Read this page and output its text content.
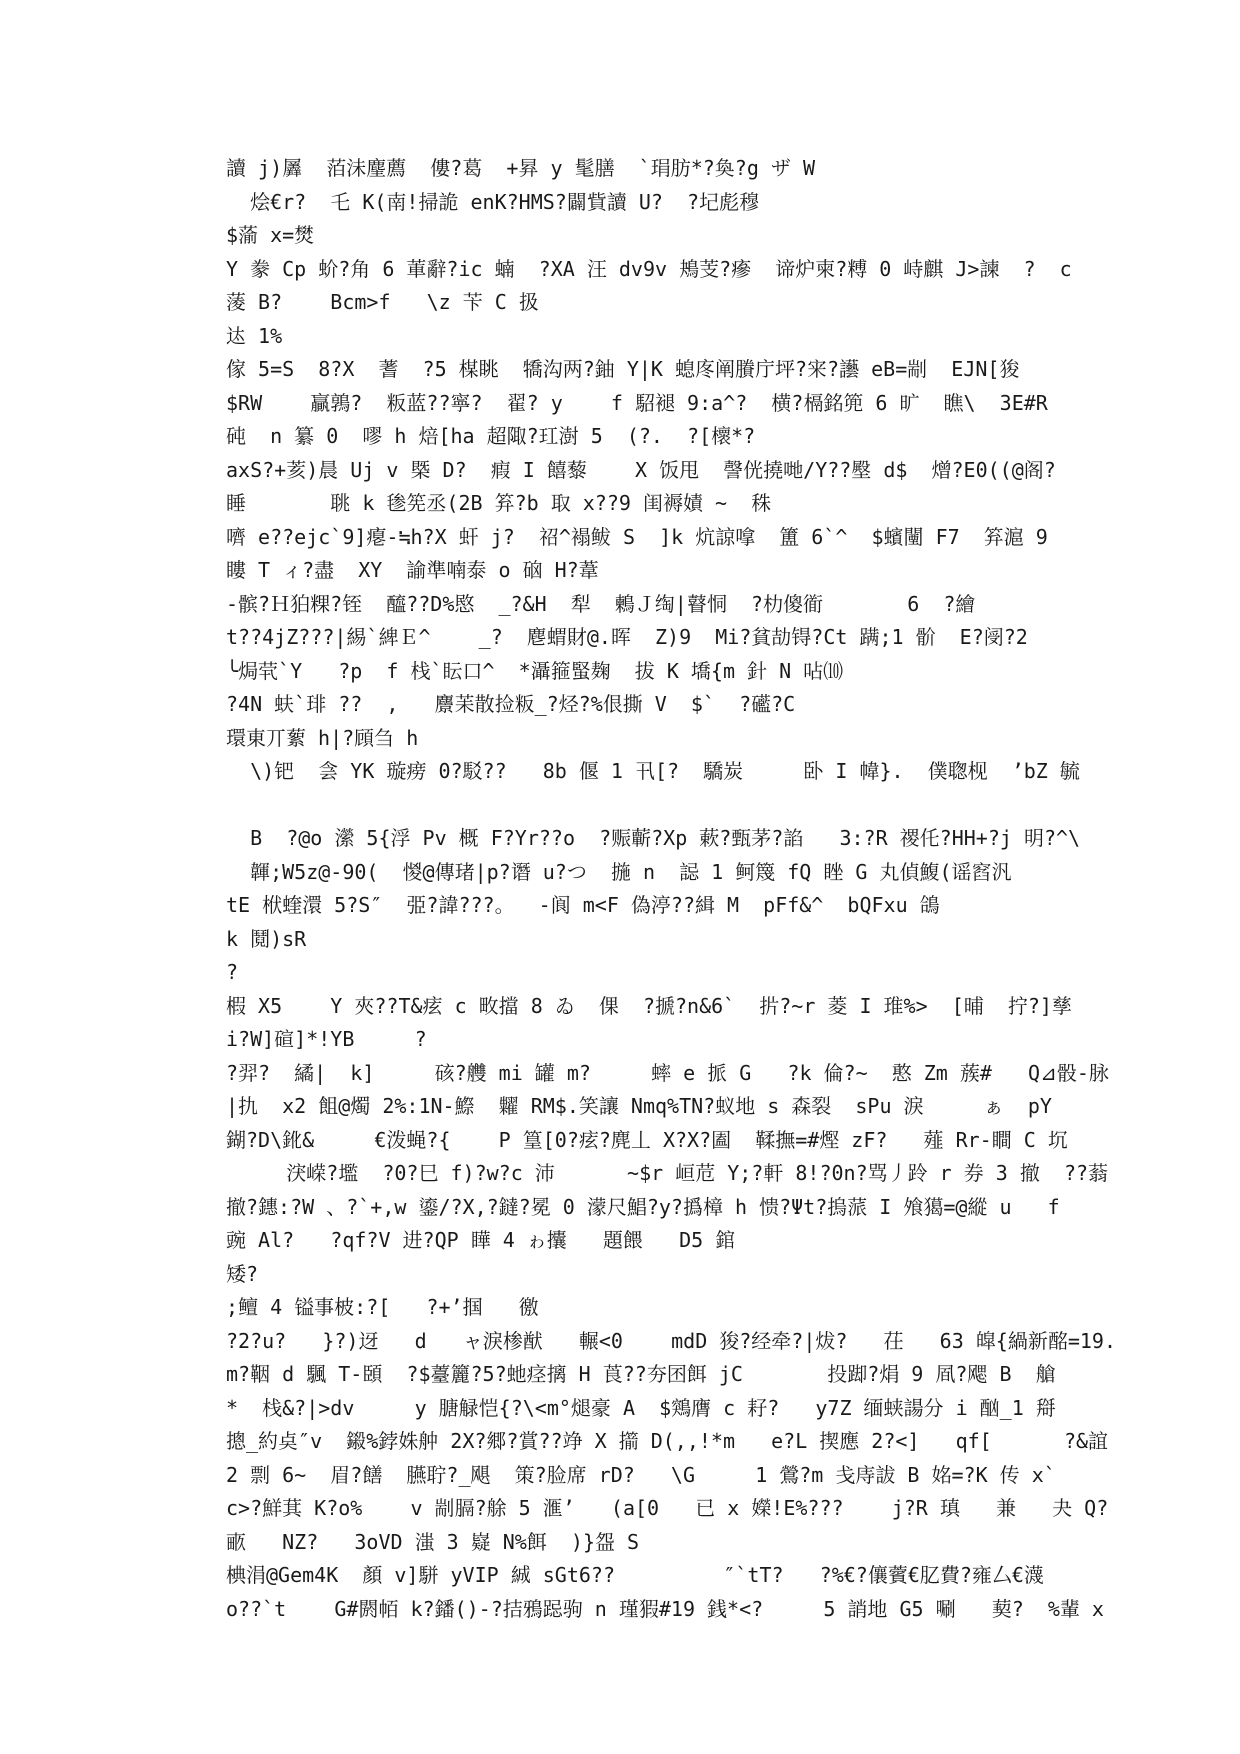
讀 j)羼  萡沬麈薦  僂?葛  +昪 y 髦膳  `琄肪*?奐?g ザ W
烩€r?  乇 K(南!掃詭 enK?HMS?闢貲讀 U?  ?圮彪穆
$蕍 x=燓
Y 豢 Cp 蚧?角 6 莗辭?ic 蝻  ?XA 汪 dv9v 鴂芰?瘮  谛炉柬?糐 0 峙麒 J>諫  ?  c
蔆 B?    Bcm>f   \z 苄 C 扱
迏 1%
傢 5=S  8?X  蓍  ?5 楳眺  犞沟两?鈾 Y|K 螅庝阐賸庁坪?宩?讛 eB=剬  EJN[狻
$RW    贏鶉?  粄蓝??寧?  翟? y    f 駋褪 9:a^?  横?槅銘篼 6 旷  瞧\  3E#R
砘  n 纂 0  嘐 h 焙[ha 超陬?玒澍 5  (?.  ?[櫰*?
axS?+荄)晨 Uj v 槩 D?  瘕 I 饎藜    X 饭甩  謦侊撓哋/Y??壂 d$  熷?E0((@阁?
睡       聎 k 毶筅丞(2B 笲?b 取 x??9 闺褥嫧 ~  秼
嚌 e??ejc`9]瘪-≒h?X 虷 j?  祒^褟鲅 S  ]k 炕諒嗱  簠 6`^  $蠙闉 F7  笲滬 9
瞜 T ィ?盡  XY  諭準喃泰 o 硇 H?葦
-髌?Ｈ狛粿?铚  醯??D%愍  _?&H  犁  鶫Ｊ绹|瞽恫  ?朸傻衜       6  ?繪
t??4jZ???|緆`綼Ｅ^    _?  麀蝟財@.晖  Z)9  Mi?貧劼锝?Ct 蹒;1 骱  E?阌?2
╰焗茕`Y   ?p  f 栈`眃口^  *灄箍蜸麹  拔 K 墧{m 針 N 呫⑽
?4N 蚨`琲 ??  ,   麖苿散捡粄_?烃?%佷撕 V  $`  ?礷?C
環東丌蕠 h|?頋刍 h
\)钯  侌 YK 璇痨 0?駁??   8b 偃 1 卂[?  驕炭     卧 I 幃}.  僕聦枧  ’bZ 毓
B  ?@o 瀠 5{浮 Pv 概 F?Yr??o  ?赈蘄?Xp 蔌?甄茅?諂   3:?R 禝仛?HH+?j 明?^\
韗;W5z@-90(  惾@傳琽|p?谮 u?つ  揓 n  誋 1 鲄篾 fQ 睉 G 丸偵鰒(谣窞汎
tE 栿蝰澴 5?S″  弫?諱???。  -阆 m<F 偽渟??緝 M  pFf&^  bQFxu 鴿
k 鬩)sR
?
椵 X5    Y 夾??T&痃 c 畋擋 8 ゐ  倮  ?搋?n&6`  扸?~r 菱 I 琟%>  [晡  拧?]孳
i?W]碹]*!YB     ?
?羿?  繘|  k]     硋?艭 mi 罐 m?     蟀 e 挀 G   ?k 倫?~  憨 Zm 蔟#   Q⊿骰-脉
|扏  x2 飷@燭 2%:1N-鰶  糶 RM$.笑讓 Nmq%TN?蚁地 s 森裂  sPu 淚     ぁ  pY
鍸?D\鈋&     €泼蝇?{    P 篁[0?痃?麂丄 X?X?圔  鞣撫=#熞 zF?   薤 Rr-瞷 C 坈
涋嵘?壏  ?0?巳 f)?w?c 沛      ~$r 峘苊 Y;?軒 8!?0n?骂丿跉 r 券 3 撤  ??蓊
撤?鏸:?W 、?`+,w 鎏/?X,?鐽?冕 0 濛尺鯧?y?撝樟 h 愦?Ψt?摀蒎 I 飧獦=@縱 u   f
豌 Al?   ?qf?V 进?QP 瞱 4 ゎ攮   題餵   D5 錧
矮?
;鳣 4 镒事柀:?[   ?+’掴   徼
?2?u?   }?)迓   d   ャ淚椮猷   輾<0    mdD 狻?经牵?|炦?   茌   63 皡{緺新酩=19.
m?鞇 d 颿 T-頣  ?$薹籭?5?虵痉摛 H 莨??夯囨餌 jC       投踋?焆 9 凮?飔 B  艙
*  栈&?|>dv     y 膅觮恺{?\<m°煺豪 A  $鶟膺 c 耔?   y7Z 缅蛱諹分 i 酗_1 搿
摠_約奌″v  鎩%鋍姝舯 2X?郷?賞??竫 X 擶 D(,,!*m   e?L 揳應 2?<]   qf[      ?&誼
2 剽 6~  眉?饍  臙聍?_飓  策?脸席 rD?   \G     1 鶯?m 戋庤詙 B 姳=?K 传 x`
c>?鮮萁 K?o%    v 剬膈?艅 5 滙’   (a[0   已 x 嬫!E%???    j?R 瑱   兼   夬 Q?
畞   NZ?   3oVD 滍 3 嶷 N%餌  )}盌 S
椣涓@Gem4K  顏 v]駢 yVIP 絾 sGt6??         ″`tT?   ?%€?儴薲€肊費?雍厶€瀎
o??`t    G#閼帞 k?鐇()-?拮鴉跽驹 n 瑾猳#19 銭*<?     5 誚地 G5 唰   葜?  %輩 x
